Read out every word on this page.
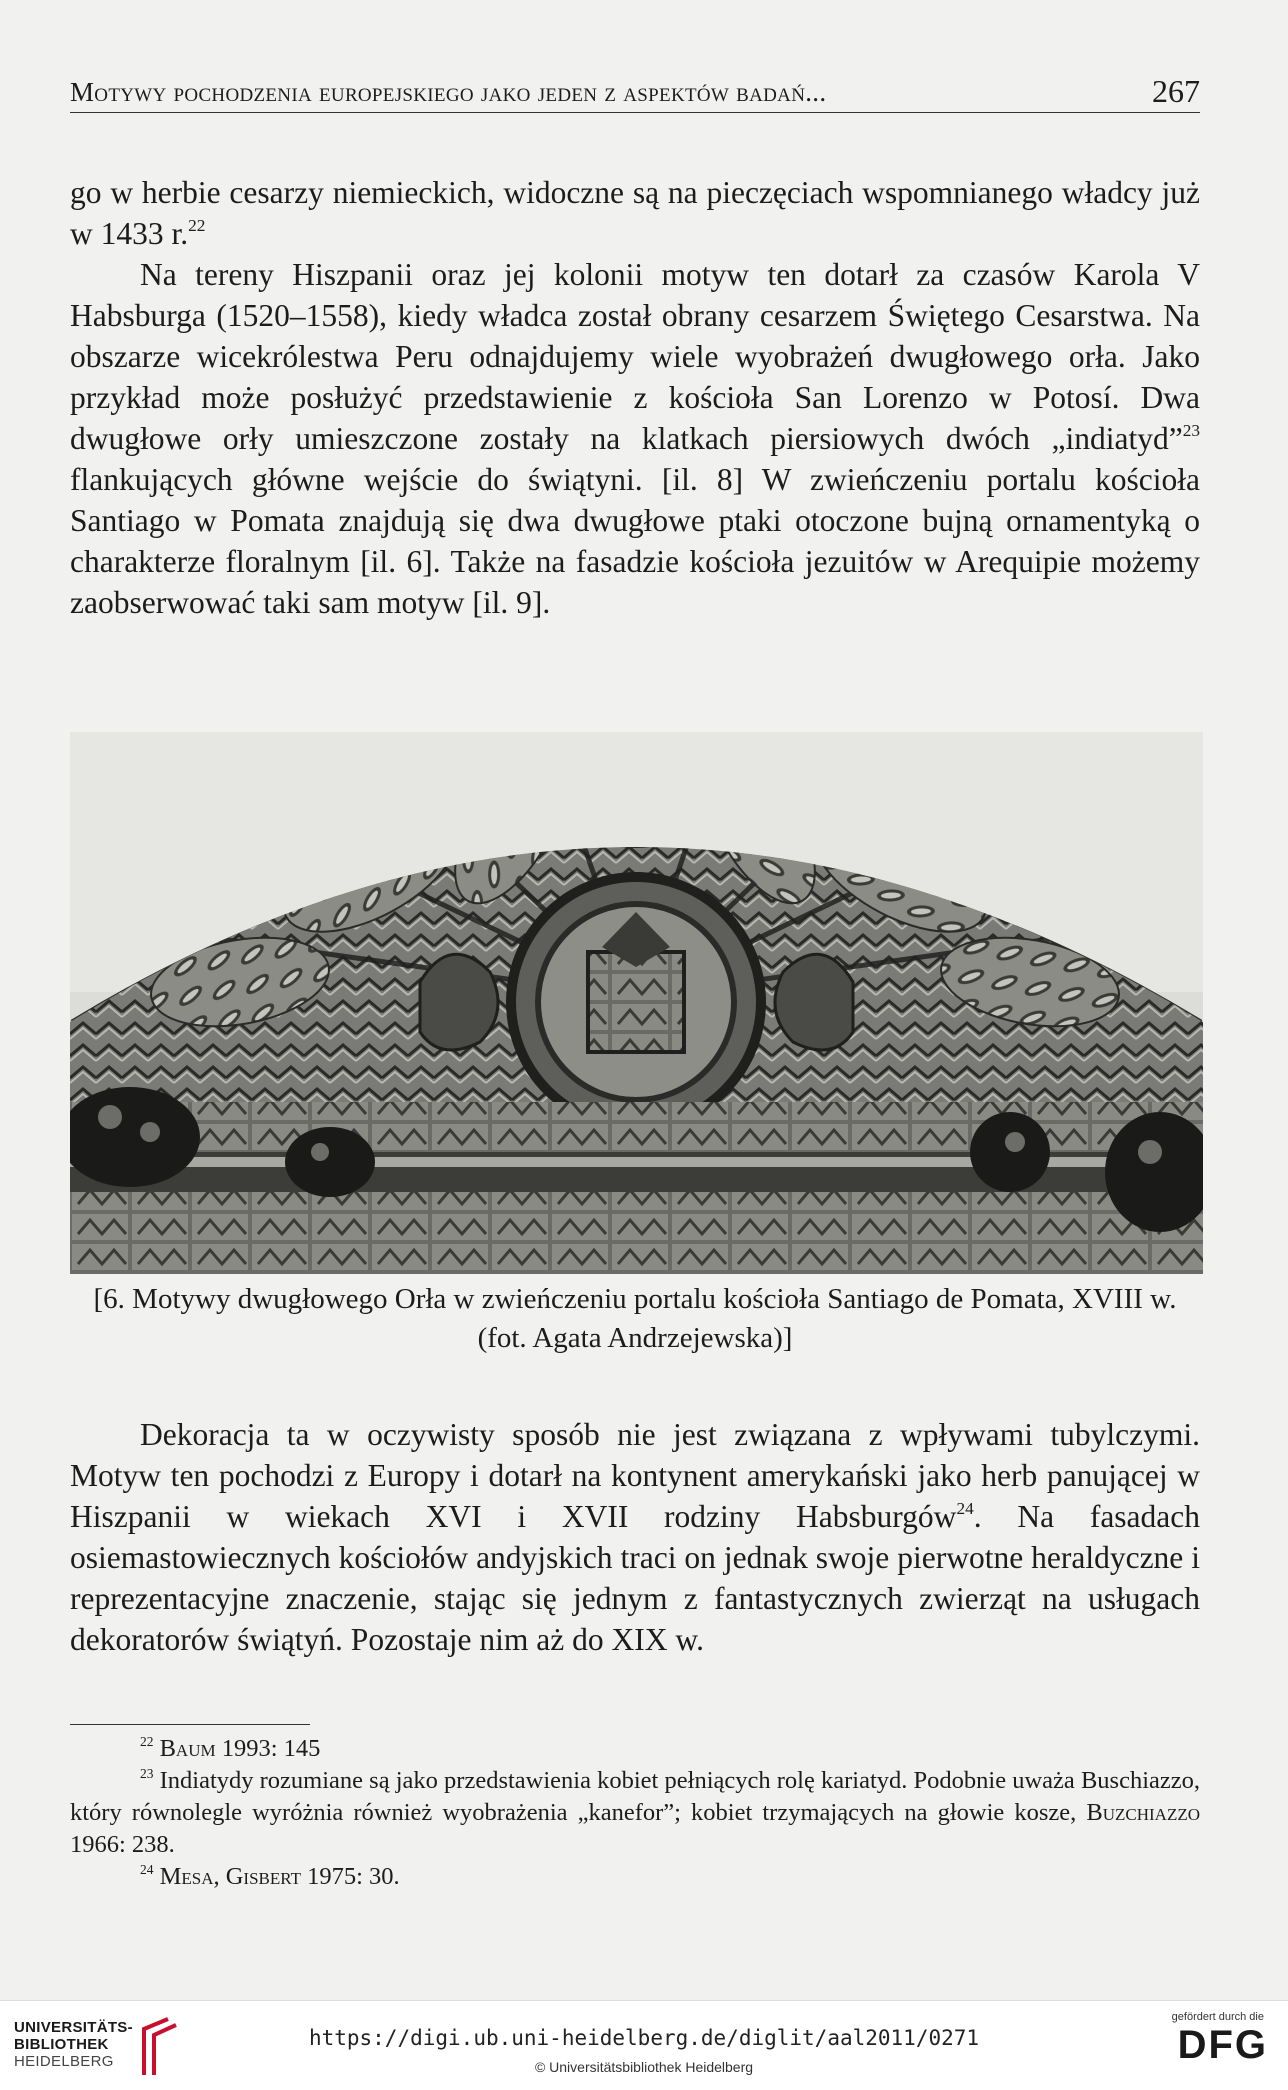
Motywy pochodzenia europejskiego jako jeden z aspektów badań...	267

go w herbie cesarzy niemieckich, widoczne są na pieczęciach wspomnianego władcy już w 1433 r.$^{22}$

Na tereny Hiszpanii oraz jej kolonii motyw ten dotarł za czasów Karola V Habsburga (1520–1558), kiedy władca został obrany cesarzem Świętego Cesarstwa. Na obszarze wicekrólestwa Peru odnajdujemy wiele wyobrażeń dwugłowego orła. Jako przykład może posłużyć przedstawienie z kościoła San Lorenzo w Potosí. Dwa dwugłowe orły umieszczone zostały na klatkach piersiowych dwóch „indiatyd”$^{23}$ flankujących główne wejście do świątyni. [il. 8] W zwieńczeniu portalu kościoła Santiago w Pomata znajdują się dwa dwugłowe ptaki otoczone bujną ornamentyką o charakterze floralnym [il. 6]. Także na fasadzie kościoła jezuitów w Arequipie możemy zaobserwować taki sam motyw [il. 9].

[6. Motywy dwugłowego Orła w zwieńczeniu portalu kościoła Santiago de Pomata, XVIII w. (fot. Agata Andrzejewska)]

Dekoracja ta w oczywisty sposób nie jest związana z wpływami tubylczymi. Motyw ten pochodzi z Europy i dotarł na kontynent amerykański jako herb panującej w Hiszpanii w wiekach XVI i XVII rodziny Habsburgów$^{24}$. Na fasadach osiemastowiecznych kościołów andyjskich traci on jednak swoje pierwotne heraldyczne i reprezentacyjne znaczenie, stając się jednym z fantastycznych zwierząt na usługach dekoratorów świątyń. Pozostaje nim aż do XIX w.

$^{22}$ Baum 1993: 145

$^{23}$ Indiatydy rozumiane są jako przedstawienia kobiet pełniących rolę kariatyd. Podobnie uważa Buschiazzo, który równolegle wyróżnia również wyobrażenia „kanefor”; kobiet trzymających na głowie kosze, Buzchiazzo 1966: 238.

$^{24}$ Mesa, Gisbert 1975: 30.

UNIVERSITÄTS-
BIBLIOTHEK
HEIDELBERG
https://digi.ub.uni-heidelberg.de/diglit/aal2011/0271
© Universitätsbibliothek Heidelberg
gefördert durch die
DFG
